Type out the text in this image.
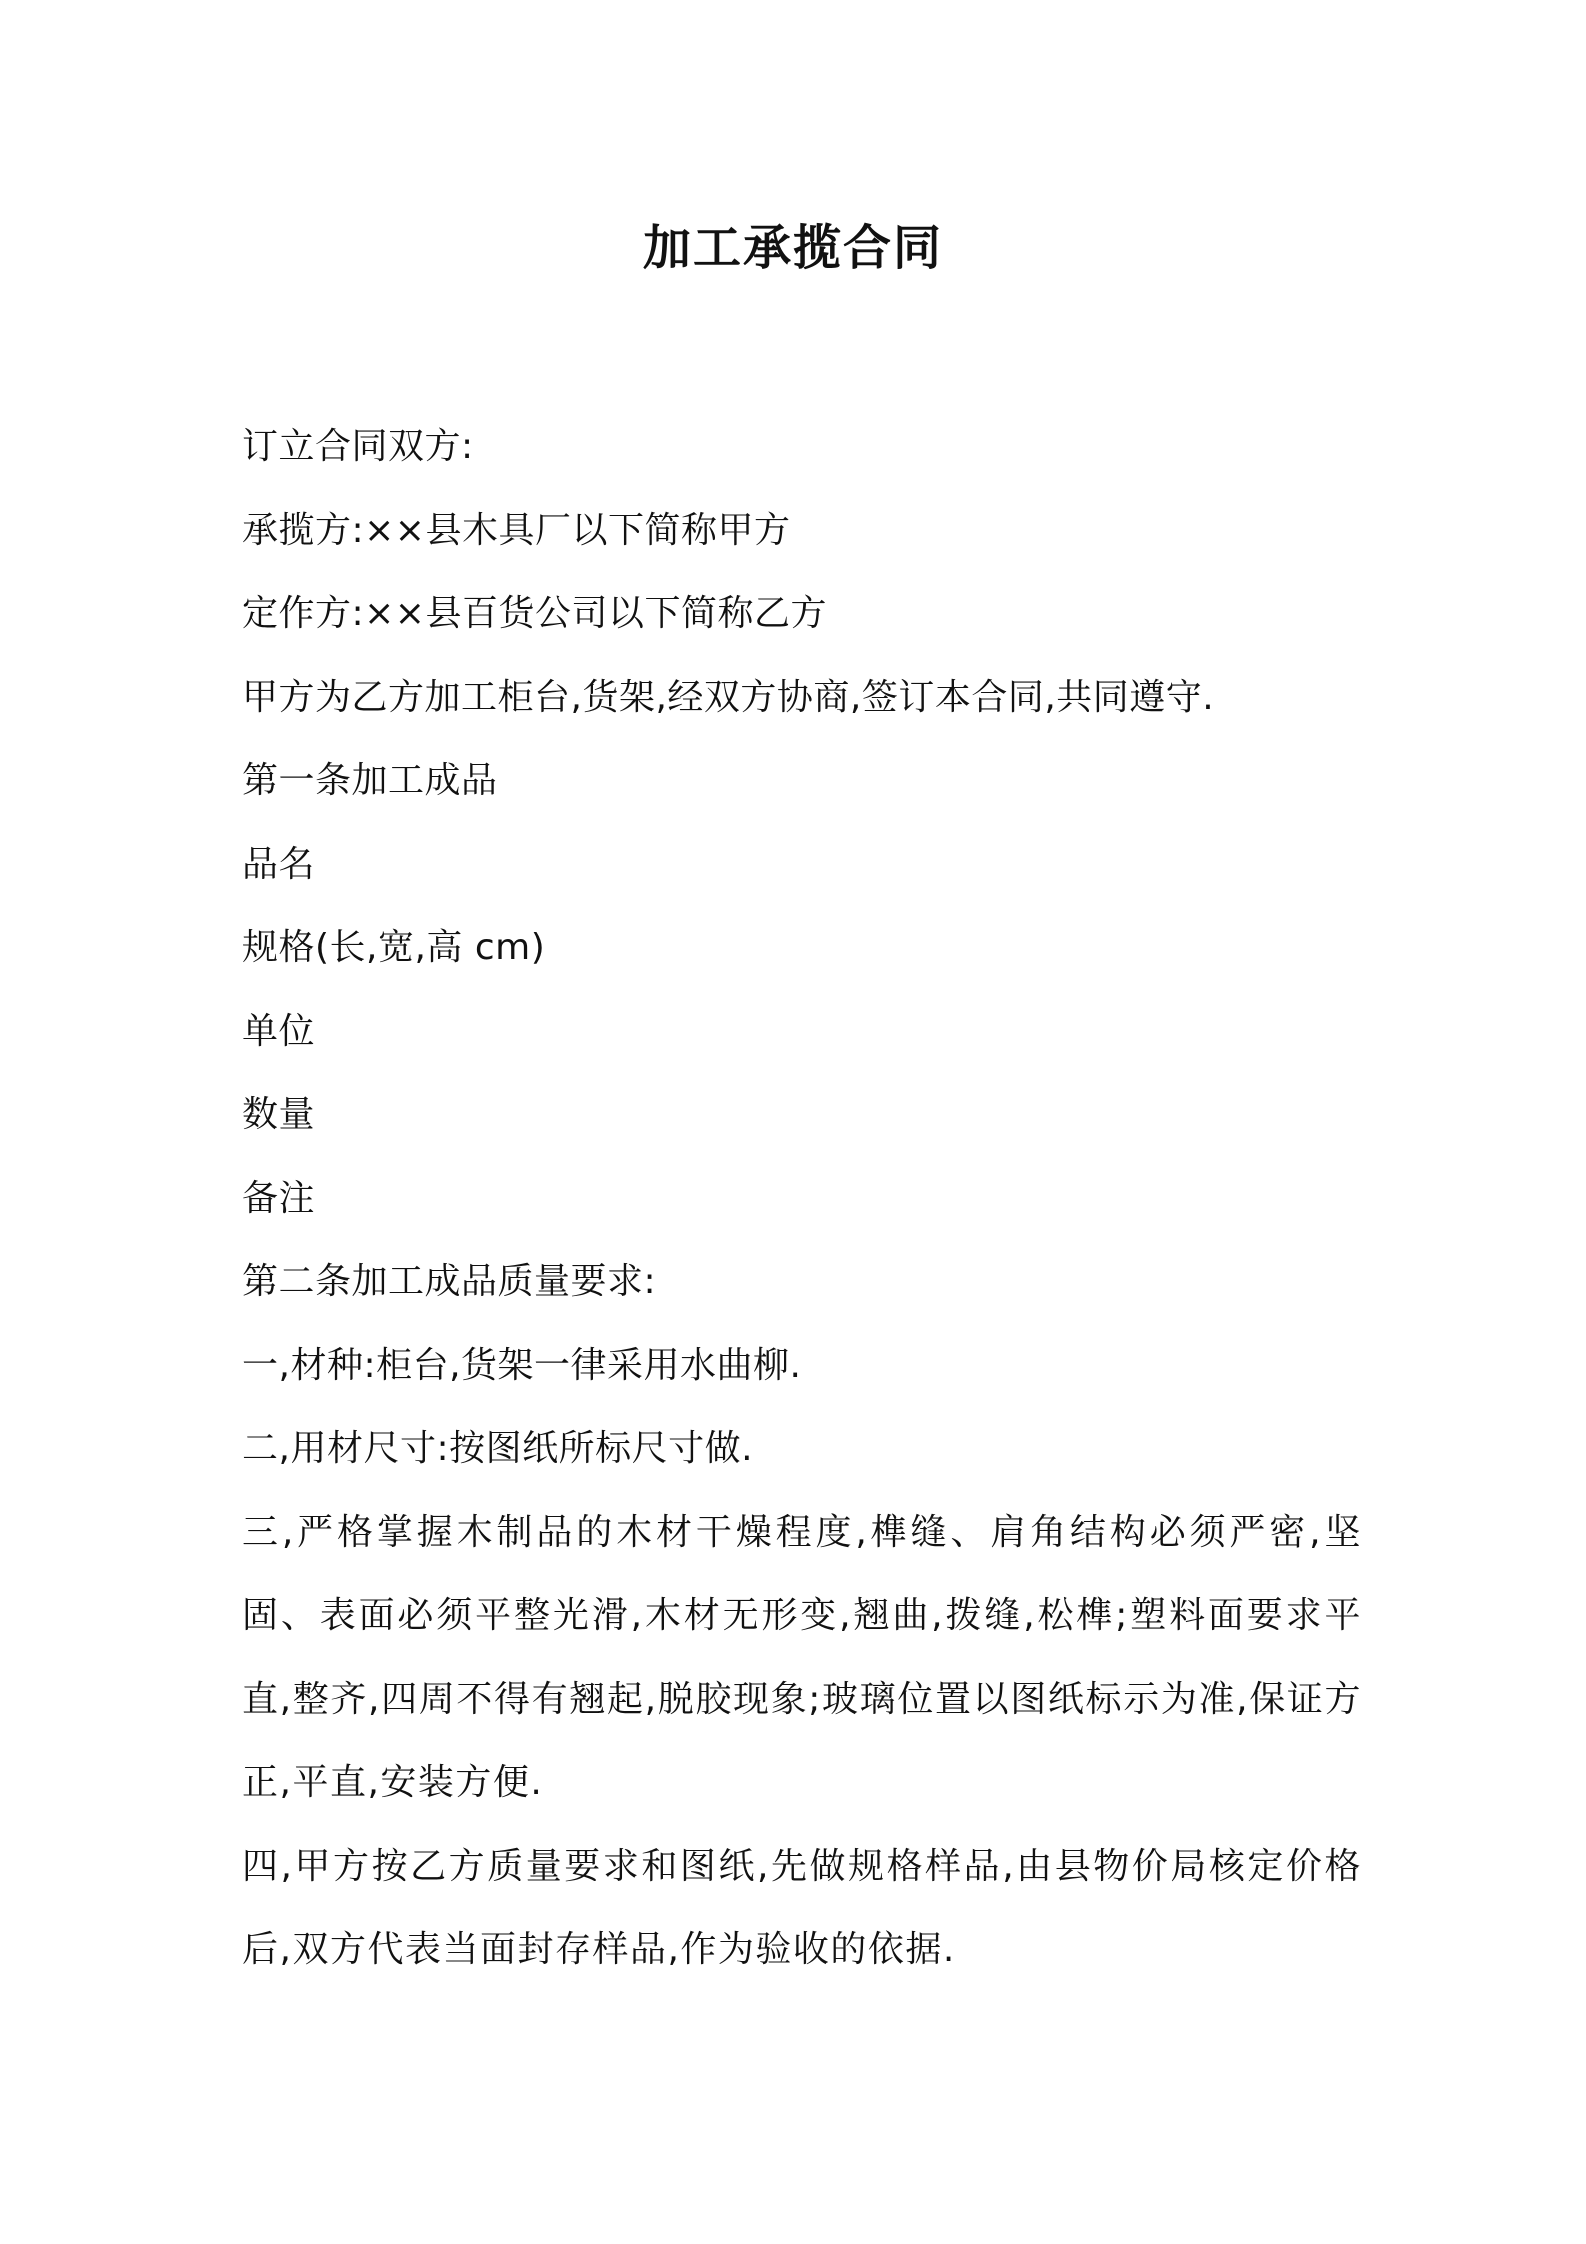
加工承揽合同

订立合同双方:

承揽方:××县木具厂以下简称甲方

定作方:××县百货公司以下简称乙方

甲方为乙方加工柜台,货架,经双方协商,签订本合同,共同遵守.

第一条加工成品

品名

规格(长,宽,高 cm)

单位

数量

备注

第二条加工成品质量要求:

一,材种:柜台,货架一律采用水曲柳.

二,用材尺寸:按图纸所标尺寸做.

三,严格掌握木制品的木材干燥程度,榫缝、肩角结构必须严密,坚固、表面必须平整光滑,木材无形变,翘曲,拨缝,松榫;塑料面要求平直,整齐,四周不得有翘起,脱胶现象;玻璃位置以图纸标示为准,保证方正,平直,安装方便.

四,甲方按乙方质量要求和图纸,先做规格样品,由县物价局核定价格后,双方代表当面封存样品,作为验收的依据.
